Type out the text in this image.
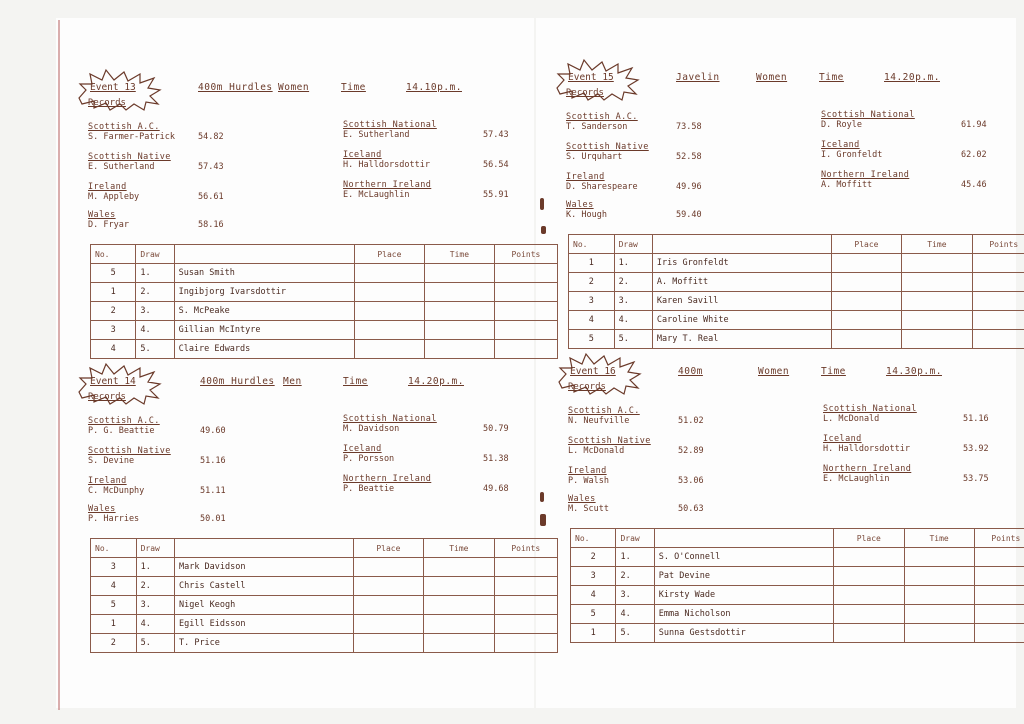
Event 13	400m Hurdles Women	Time	14.10p.m.
Records
Scottish A.C.
S. Farmer-Patrick	54.82
Scottish Native
E. Sutherland	57.43
Ireland
M. Appleby	56.61
Wales
D. Fryar	58.16
Scottish National
E. Sutherland	57.43
Iceland
H. Halldorsdottir	56.54
Northern Ireland
E. McLaughlin	55.91
No.	Draw		Place	Time	Points
5	1.	Susan Smith			
1	2.	Ingibjorg Ivarsdottir			
2	3.	S. McPeake			
3	4.	Gillian McIntyre			
4	5.	Claire Edwards			
Event 14	400m Hurdles Men	Time	14.20p.m.
Records
Scottish A.C.
P. G. Beattie	49.60
Scottish Native
S. Devine	51.16
Ireland
C. McDunphy	51.11
Wales
P. Harries	50.01
Scottish National
M. Davidson	50.79
Iceland
P. Porsson	51.38
Northern Ireland
P. Beattie	49.68
No.	Draw		Place	Time	Points
3	1.	Mark Davidson			
4	2.	Chris Castell			
5	3.	Nigel Keogh			
1	4.	Egill Eidsson			
2	5.	T. Price			
Event 15	Javelin	Women	Time	14.20p.m.
Records
Scottish A.C.
T. Sanderson	73.58
Scottish Native
S. Urquhart	52.58
Ireland
D. Sharespeare	49.96
Wales
K. Hough	59.40
Scottish National
D. Royle	61.94
Iceland
I. Gronfeldt	62.02
Northern Ireland
A. Moffitt	45.46
No.	Draw		Place	Time	Points
1	1.	Iris Gronfeldt			
2	2.	A. Moffitt			
3	3.	Karen Savill			
4	4.	Caroline White			
5	5.	Mary T. Real			
Event 16	400m	Women	Time	14.30p.m.
Records
Scottish A.C.
N. Neufville	51.02
Scottish Native
L. McDonald	52.89
Ireland
P. Walsh	53.06
Wales
M. Scutt	50.63
Scottish National
L. McDonald	51.16
Iceland
H. Halldorsdottir	53.92
Northern Ireland
E. McLaughlin	53.75
No.	Draw		Place	Time	Points
2	1.	S. O'Connell			
3	2.	Pat Devine			
4	3.	Kirsty Wade			
5	4.	Emma Nicholson			
1	5.	Sunna Gestsdottir			
